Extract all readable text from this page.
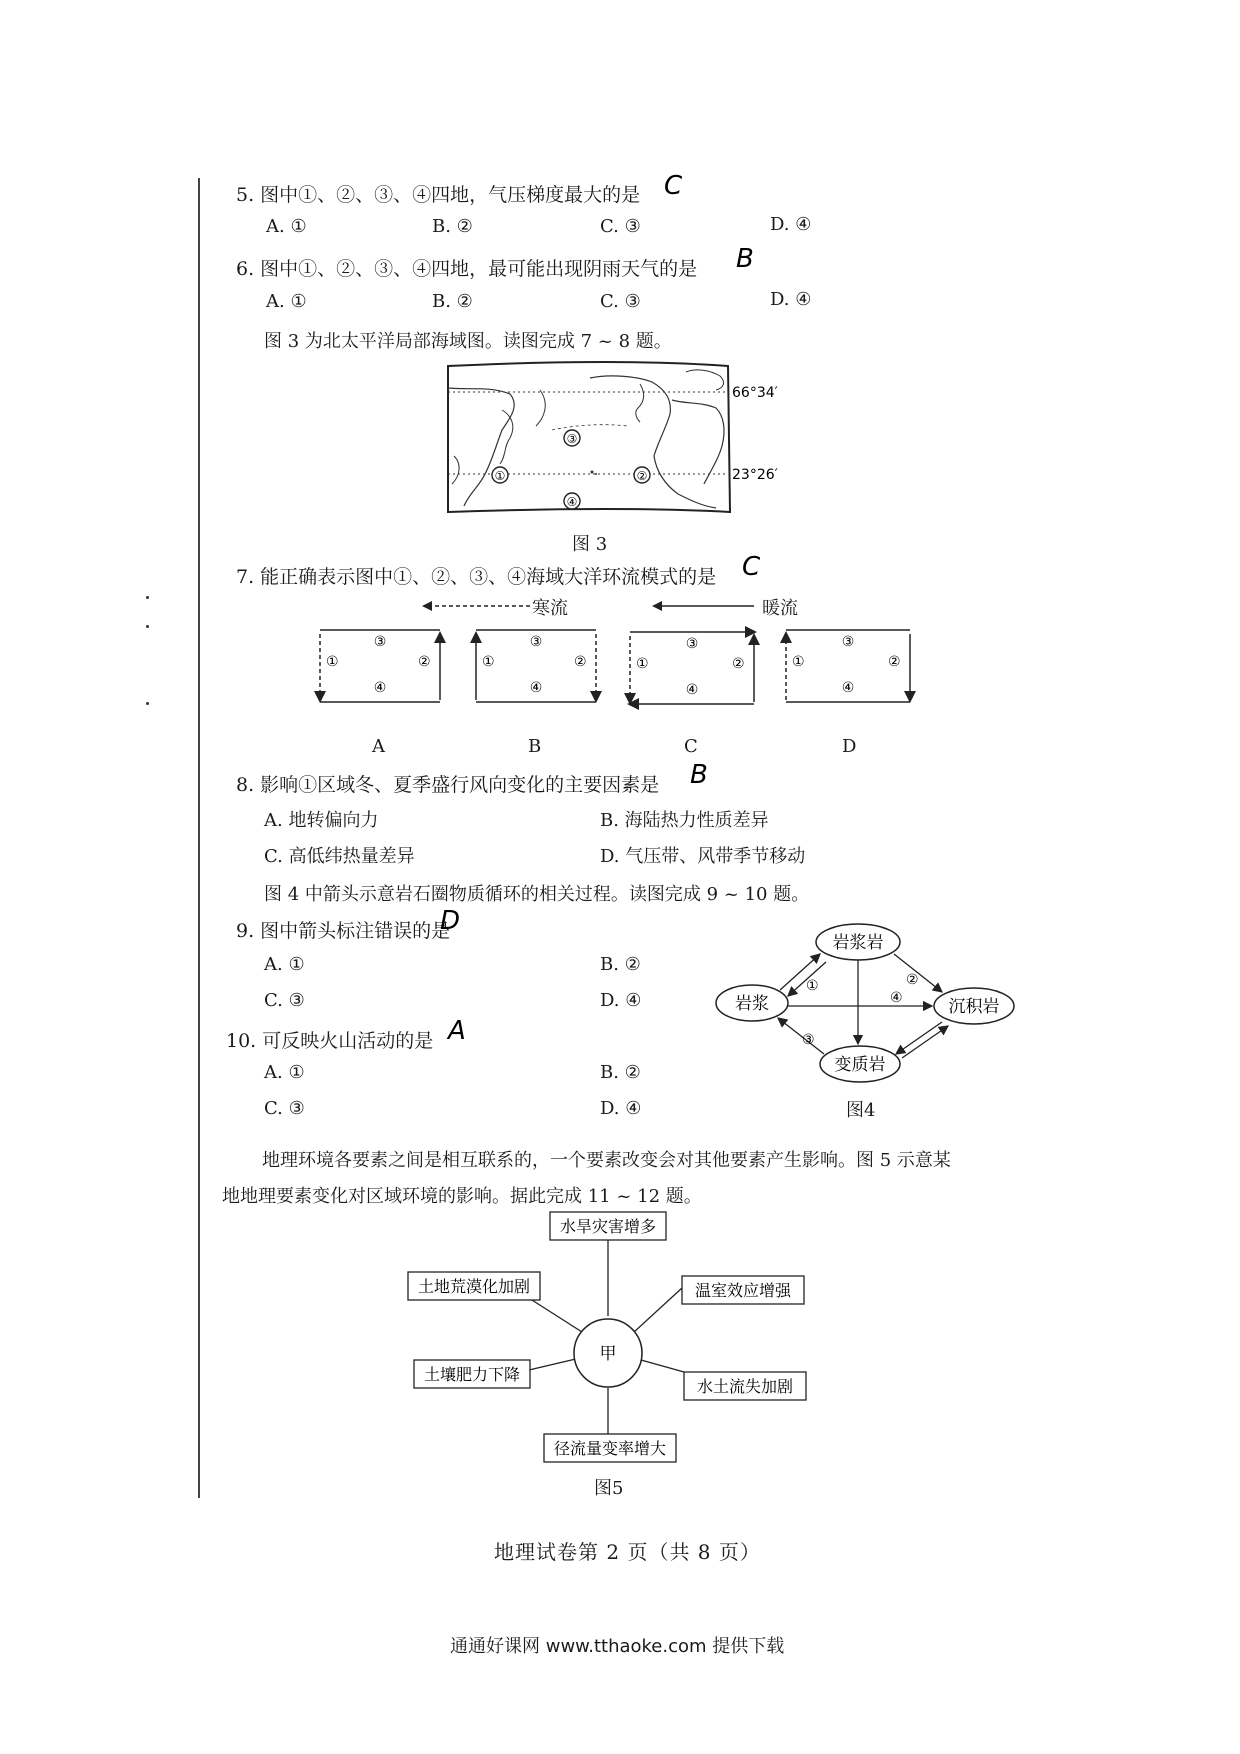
5. 图中①、②、③、④四地，气压梯度最大的是 C
A. ①	B. ②	C. ③	D. ④
6. 图中①、②、③、④四地，最可能出现阴雨天气的是 B
A. ①	B. ②	C. ③	D. ④
图 3 为北太平洋局部海域图。读图完成 7 ~ 8 题。
③
①	②
④
66°34′
23°26′
图 3
7. 能正确表示图中①、②、③、④海域大洋环流模式的是 C
寒流	暖流
③
①	②
④
③
①	②
④
③
①	②
④
③
①	②
④
A	B	C	D
8. 影响①区域冬、夏季盛行风向变化的主要因素是 B
A. 地转偏向力	B. 海陆热力性质差异
C. 高低纬热量差异	D. 气压带、风带季节移动
图 4 中箭头示意岩石圈物质循环的相关过程。读图完成 9 ~ 10 题。
9. 图中箭头标注错误的是
D
A. ①	B. ②
C. ③	D. ④
10. 可反映火山活动的是 A
A. ①	B. ②
C. ③	D. ④
岩浆岩
岩浆	沉积岩
变质岩
①	②
③
④
图4
地理环境各要素之间是相互联系的，一个要素改变会对其他要素产生影响。图 5 示意某
地地理要素变化对区域环境的影响。据此完成 11 ~ 12 题。
甲
水旱灾害增多
土地荒漠化加剧	温室效应增强
土壤肥力下降
水土流失加剧
径流量变率增大
图5
地理试卷第 2 页（共 8 页）
通通好课网 www.tthaoke.com 提供下载
